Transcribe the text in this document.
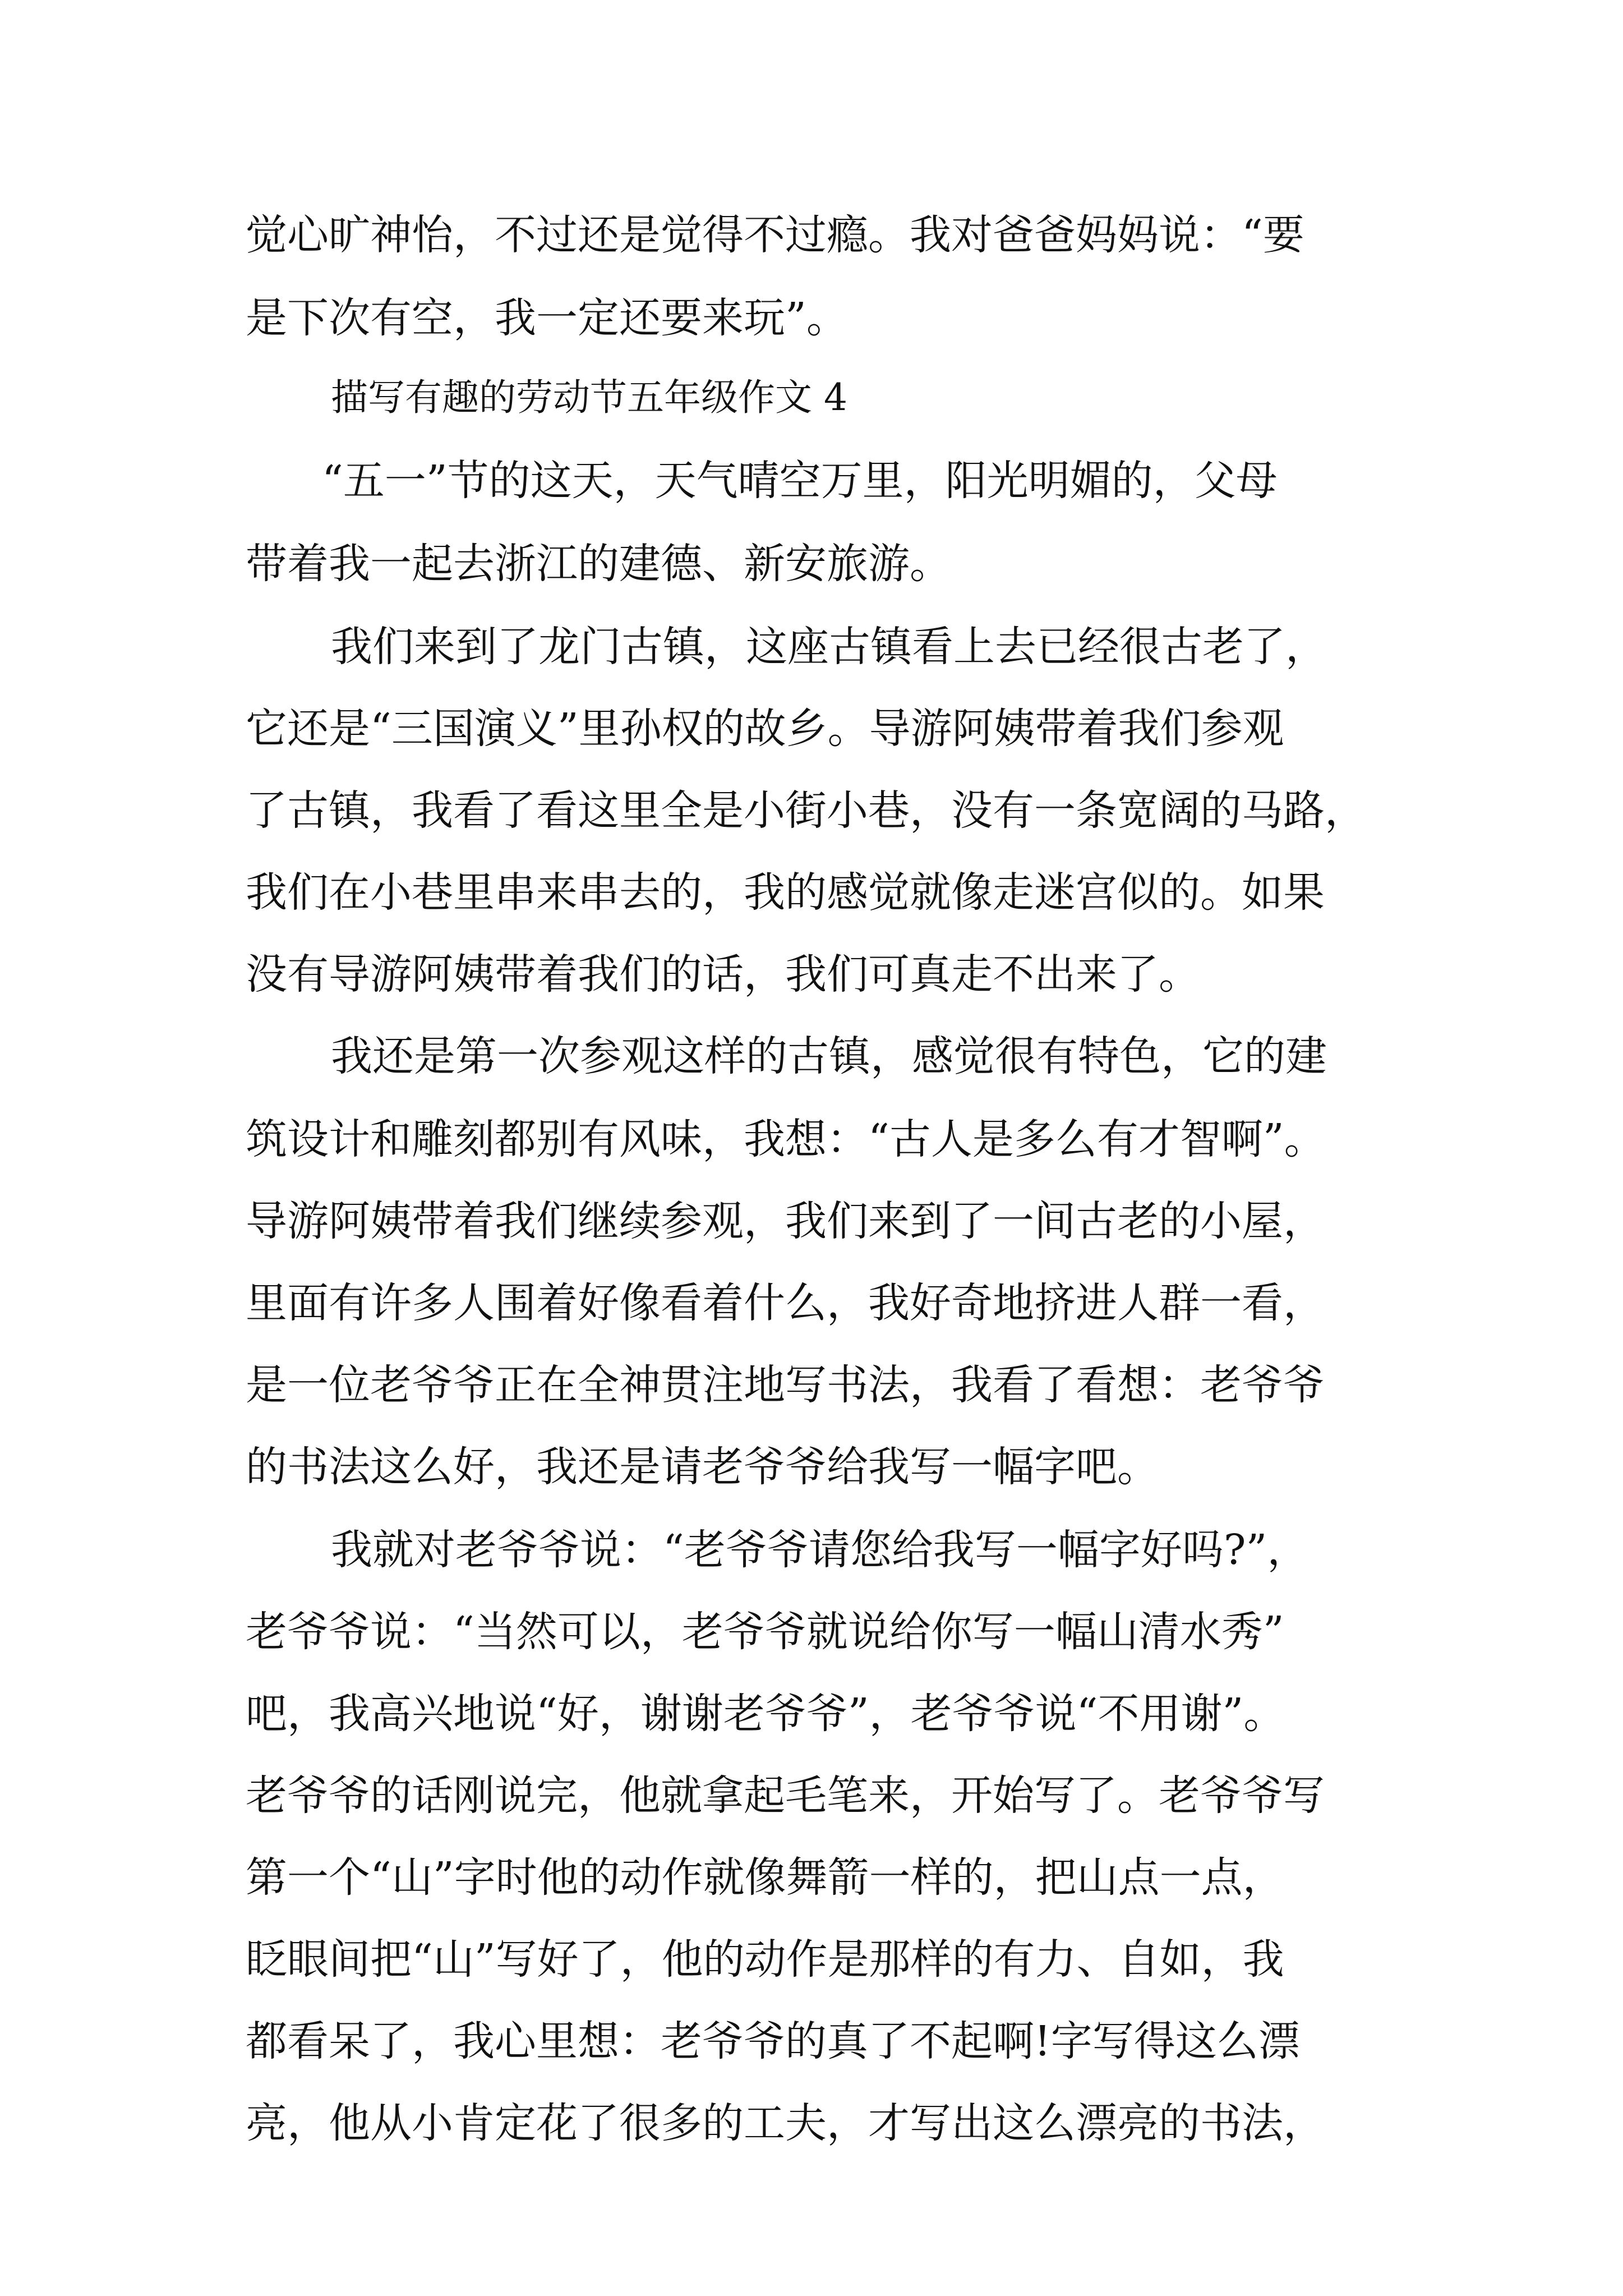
觉心旷神怡，不过还是觉得不过瘾。我对爸爸妈妈说：“要
是下次有空，我一定还要来玩”。
描写有趣的劳动节五年级作文 4
“五一”节的这天，天气晴空万里，阳光明媚的，父母
带着我一起去浙江的建德、新安旅游。
我们来到了龙门古镇，这座古镇看上去已经很古老了，
它还是“三国演义”里孙权的故乡。导游阿姨带着我们参观
了古镇，我看了看这里全是小街小巷，没有一条宽阔的马路，
我们在小巷里串来串去的，我的感觉就像走迷宫似的。如果
没有导游阿姨带着我们的话，我们可真走不出来了。
我还是第一次参观这样的古镇，感觉很有特色，它的建
筑设计和雕刻都别有风味，我想：“古人是多么有才智啊”。
导游阿姨带着我们继续参观，我们来到了一间古老的小屋，
里面有许多人围着好像看着什么，我好奇地挤进人群一看，
是一位老爷爷正在全神贯注地写书法，我看了看想：老爷爷
的书法这么好，我还是请老爷爷给我写一幅字吧。
我就对老爷爷说：“老爷爷请您给我写一幅字好吗?”，
老爷爷说：“当然可以，老爷爷就说给你写一幅山清水秀”
吧，我高兴地说“好，谢谢老爷爷”，老爷爷说“不用谢”。
老爷爷的话刚说完，他就拿起毛笔来，开始写了。老爷爷写
第一个“山”字时他的动作就像舞箭一样的，把山点一点，
眨眼间把“山”写好了，他的动作是那样的有力、自如，我
都看呆了，我心里想：老爷爷的真了不起啊!字写得这么漂
亮，他从小肯定花了很多的工夫，才写出这么漂亮的书法，
